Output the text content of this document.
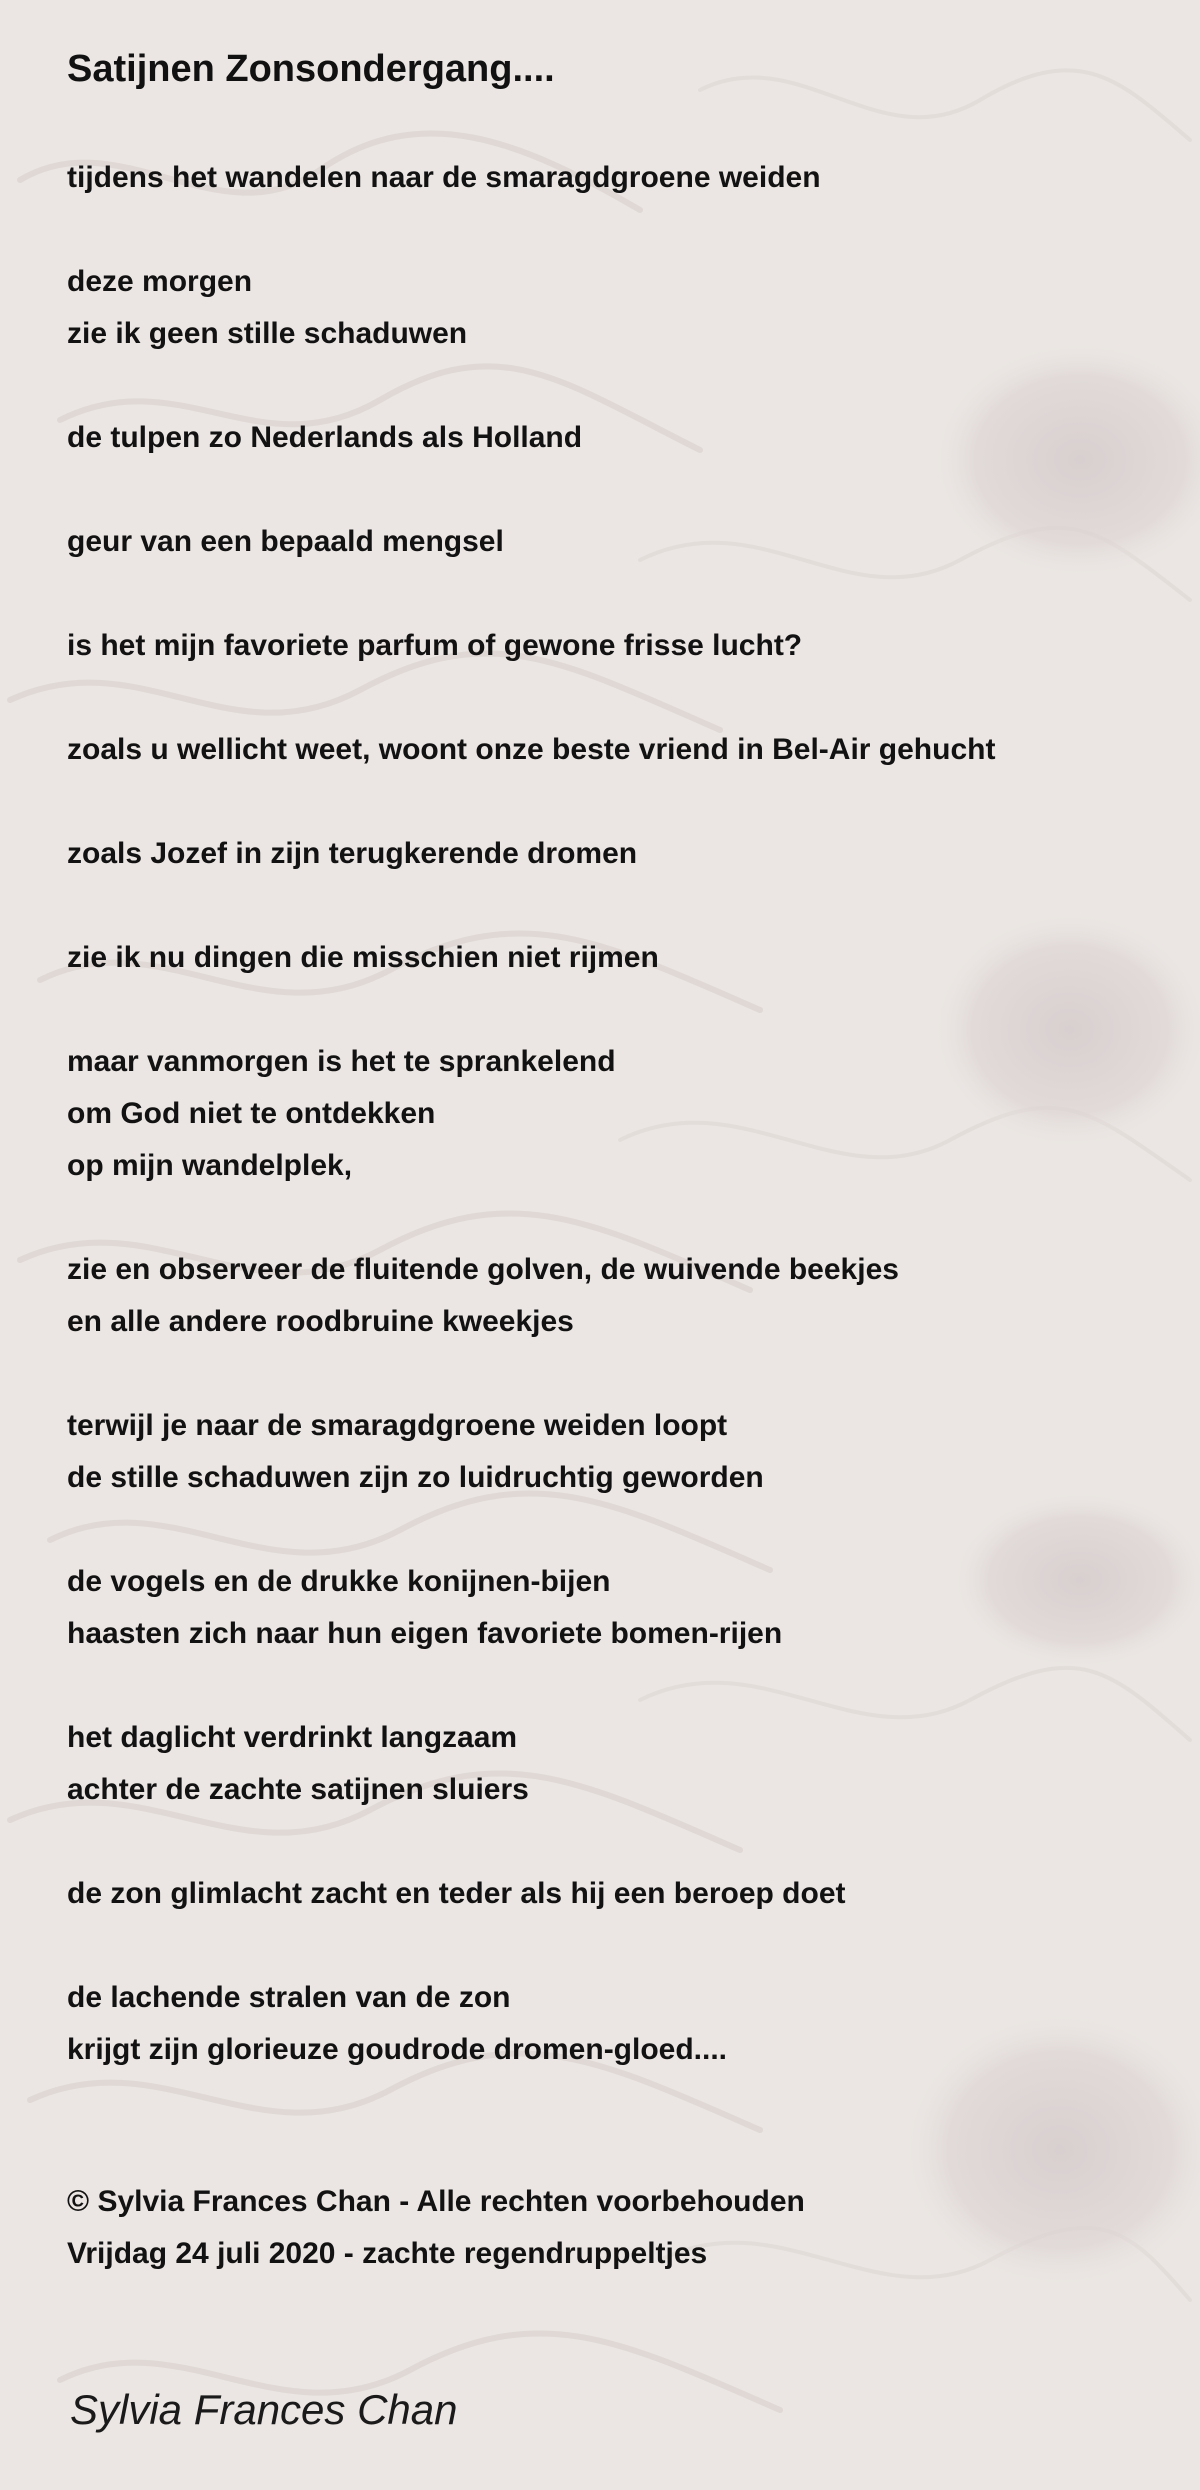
Satijnen Zonsondergang....
tijdens het wandelen naar de smaragdgroene weiden
deze morgen
zie ik geen stille schaduwen
de tulpen zo Nederlands als Holland
geur van een bepaald mengsel
is het mijn favoriete parfum of gewone frisse lucht?
zoals u wellicht weet, woont onze beste vriend in Bel-Air gehucht
zoals Jozef in zijn terugkerende dromen
zie ik nu dingen die misschien niet rijmen
maar vanmorgen is het te sprankelend
om God niet te ontdekken
op mijn wandelplek,
zie en observeer de fluitende golven, de wuivende beekjes
en alle andere roodbruine kweekjes
terwijl je naar de smaragdgroene weiden loopt
de stille schaduwen zijn zo luidruchtig geworden
de vogels en de drukke konijnen-bijen
haasten zich naar hun eigen favoriete bomen-rijen
het daglicht verdrinkt langzaam
achter de zachte satijnen sluiers
de zon glimlacht zacht en teder als hij een beroep doet
de lachende stralen van de zon
krijgt zijn glorieuze goudrode dromen-gloed....
© Sylvia Frances Chan - Alle rechten voorbehouden
Vrijdag 24 juli 2020 - zachte regendruppeltjes
Sylvia Frances Chan
